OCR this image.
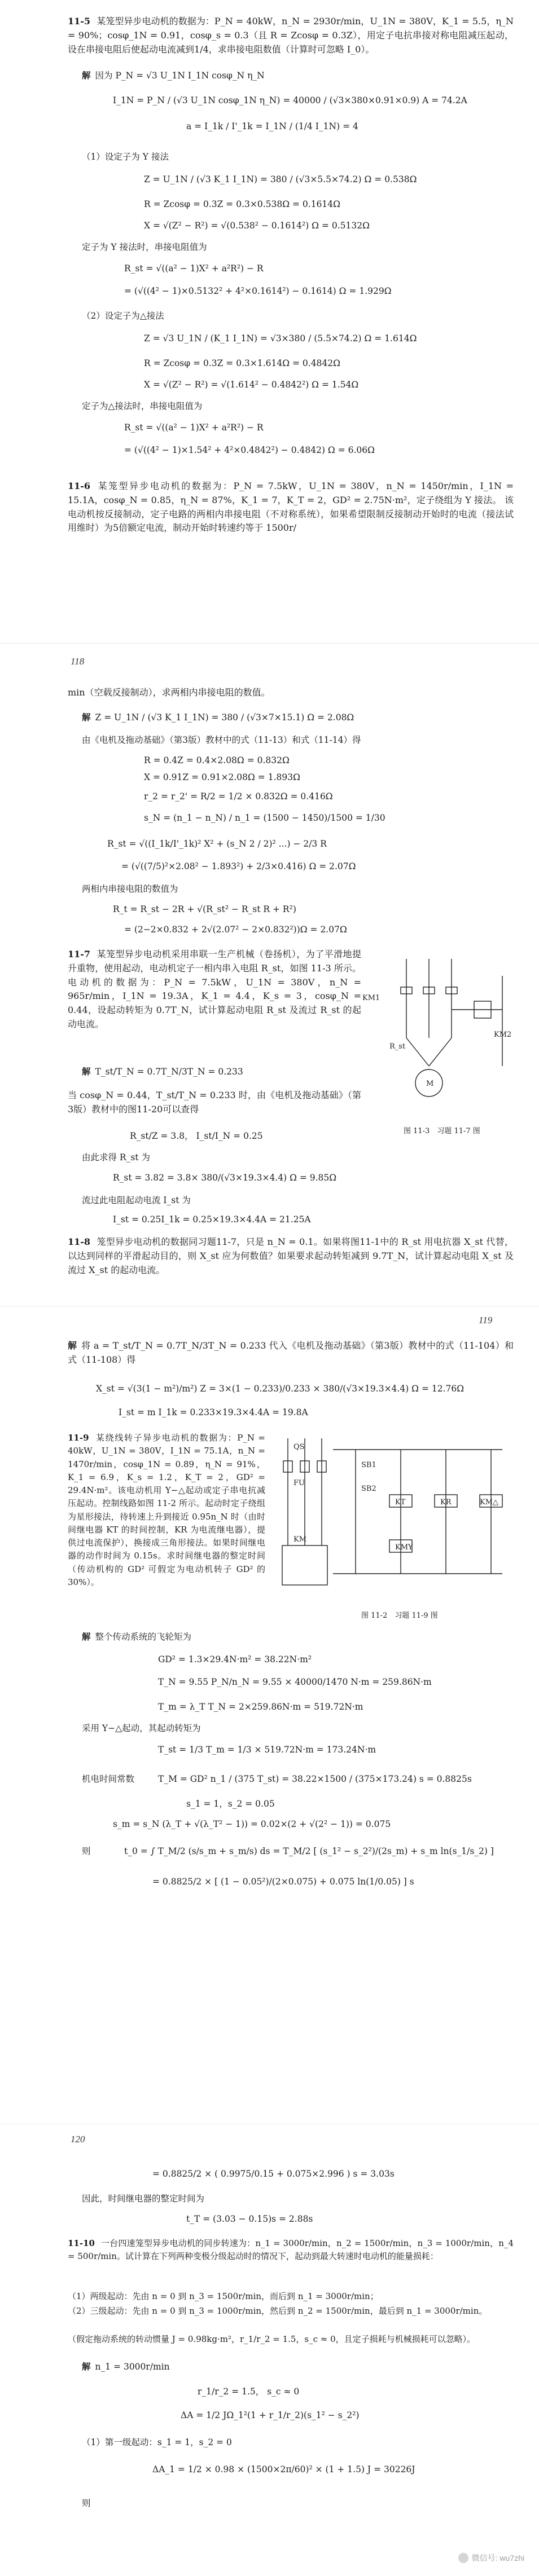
11-5 某笼型异步电动机的数据为：P_N = 40kW，n_N = 2930r/min，U_1N = 380V，K_1 = 5.5，η_N = 90%；cosφ_1N = 0.91，cosφ_s = 0.3（且 R = Zcosφ = 0.3Z），用定子电抗串接对称电阻减压起动，设在串接电阻后使起动电流减到1/4，求串接电阻数值（计算时可忽略 I_0）。
解 因为 P_N = √3 U_1N I_1N cosφ_N η_N
I_1N = P_N / (√3 U_1N cosφ_1N η_N) = 40000 / (√3×380×0.91×0.9) A = 74.2A
a = I_1k / I'_1k = I_1N / (1/4 I_1N) = 4
（1）设定子为 Y 接法
Z = U_1N / (√3 K_1 I_1N) = 380 / (√3×5.5×74.2) Ω = 0.538Ω
R = Zcosφ = 0.3Z = 0.3×0.538Ω = 0.1614Ω
X = √(Z² − R²) = √(0.538² − 0.1614²) Ω = 0.5132Ω
定子为 Y 接法时，串接电阻值为
R_st = √((a² − 1)X² + a²R²) − R
= (√((4² − 1)×0.5132² + 4²×0.1614²) − 0.1614) Ω = 1.929Ω
（2）设定子为△接法
Z = √3 U_1N / (K_1 I_1N) = √3×380 / (5.5×74.2) Ω = 1.614Ω
R = Zcosφ = 0.3Z = 0.3×1.614Ω = 0.4842Ω
X = √(Z² − R²) = √(1.614² − 0.4842²) Ω = 1.54Ω
定子为△接法时，串接电阻值为
R_st = √((a² − 1)X² + a²R²) − R
= (√((4² − 1)×1.54² + 4²×0.4842²) − 0.4842) Ω = 6.06Ω
11-6 某笼型异步电动机的数据为：P_N = 7.5kW，U_1N = 380V，n_N = 1450r/min，I_1N = 15.1A，cosφ_N = 0.85，η_N = 87%，K_1 = 7，K_T = 2，GD² = 2.75N·m²，定子绕组为 Y 接法。 该电动机按反接制动，定子电路的两相内串接电阻（不对称系统），如果希望限制反接制动开始时的电流（接法试用维时）为5倍额定电流，制动开始时转速约等于 1500r/
118
min（空载反接制动），求两相内串接电阻的数值。
解 Z = U_1N / (√3 K_1 I_1N) = 380 / (√3×7×15.1) Ω = 2.08Ω
由《电机及拖动基础》（第3版）教材中的式（11-13）和式（11-14）得
R = 0.4Z = 0.4×2.08Ω = 0.832Ω
X = 0.91Z = 0.91×2.08Ω = 1.893Ω
r_2 = r_2' = R/2 = 1/2 × 0.832Ω = 0.416Ω
s_N = (n_1 − n_N) / n_1 = (1500 − 1450)/1500 = 1/30
R_st = √((I_1k/I'_1k)² X² + (s_N 2 / 2)² ...) − 2/3 R
= (√((7/5)²×2.08² − 1.893²) + 2/3×0.416) Ω = 2.07Ω
两相内串接电阻的数值为
R_t = R_st − 2R + √(R_st² − R_st R + R²)
= (2−2×0.832 + 2√(2.07² − 2×0.832²))Ω = 2.07Ω
11-7 某笼型异步电动机采用串联一生产机械（卷扬机），为了平滑地提升重物，使用起动，电动机定子一相内串入电阻 R_st，如图 11-3 所示。电动机的数据为：P_N = 7.5kW，U_1N = 380V，n_N = 965r/min，I_1N = 19.3A，K_1 = 4.4，K_s = 3，cosφ_N = 0.44，设起动转矩为 0.7T_N，试计算起动电阻 R_st 及流过 R_st 的起动电流。
KM1
KM2
R_st
M
图 11-3　习题 11-7 图
解 T_st/T_N = 0.7T_N/3T_N = 0.233
当 cosφ_N = 0.44，T_st/T_N = 0.233 时，由《电机及拖动基础》（第3版）教材中的图11-20可以查得
R_st/Z = 3.8， I_st/I_N = 0.25
由此求得 R_st 为
R_st = 3.82 = 3.8× 380/(√3×19.3×4.4) Ω = 9.85Ω
流过此电阻起动电流 I_st 为
I_st = 0.25I_1k = 0.25×19.3×4.4A = 21.25A
11-8 笼型异步电动机的数据同习题11-7，只是 n_N = 0.1。如果将图11-1中的 R_st 用电抗器 X_st 代替，以达到同样的平滑起动目的，则 X_st 应为何数值？如果要求起动转矩减到 9.7T_N，试计算起动电阻 X_st 及流过 X_st 的起动电流。
119
解 将 a = T_st/T_N = 0.7T_N/3T_N = 0.233 代入《电机及拖动基础》（第3版）教材中的式（11-104）和式（11-108）得
X_st = √(3(1 − m²)/m²) Z = 3×(1 − 0.233)/0.233 × 380/(√3×19.3×4.4) Ω = 12.76Ω
I_st = m I_1k = 0.233×19.3×4.4A = 19.8A
11-9 某绕线转子异步电动机的数据为：P_N = 40kW，U_1N = 380V，I_1N = 75.1A，n_N = 1470r/min，cosφ_1N = 0.89，η_N = 91%，K_1 = 6.9，K_s = 1.2，K_T = 2，GD² = 29.4N·m²。该电动机用 Y−△起动或定子串电抗减压起动。控制线路如图 11-2 所示。起动时定子绕组为星形接法，待转速上升到接近 0.95n_N 时（由时间继电器 KT 的时间控制，KR 为电流继电器），提供过电流保护），换接成三角形接法。如果时间继电器的动作时间为 0.15s。求时间继电器的整定时间（传动机构的 GD² 可假定为电动机转子 GD² 的30%）。
QS
FU
KM
SB1
SB2
KT	KR	KM△
KMY
图 11-2　习题 11-9 图
解 整个传动系统的飞轮矩为
GD² = 1.3×29.4N·m² = 38.22N·m²
T_N = 9.55 P_N/n_N = 9.55 × 40000/1470 N·m = 259.86N·m
T_m = λ_T T_N = 2×259.86N·m = 519.72N·m
采用 Y−△起动，其起动转矩为
T_st = 1/3 T_m = 1/3 × 519.72N·m = 173.24N·m
机电时间常数	T_M = GD² n_1 / (375 T_st) = 38.22×1500 / (375×173.24) s = 0.8825s
s_1 = 1，s_2 = 0.05
s_m = s_N (λ_T + √(λ_T² − 1)) = 0.02×(2 + √(2² − 1)) = 0.075
则	t_0 = ∫ T_M/2 (s/s_m + s_m/s) ds = T_M/2 [ (s_1² − s_2²)/(2s_m) + s_m ln(s_1/s_2) ]
= 0.8825/2 × [ (1 − 0.05²)/(2×0.075) + 0.075 ln(1/0.05) ] s
120
= 0.8825/2 × ( 0.9975/0.15 + 0.075×2.996 ) s = 3.03s
因此，时间继电器的整定时间为
t_T = (3.03 − 0.15)s = 2.88s
11-10 一台四速笼型异步电动机的同步转速为：n_1 = 3000r/min，n_2 = 1500r/min，n_3 = 1000r/min，n_4 = 500r/min。试计算在下列两种变极分级起动时的情况下，起动到最大转速时电动机的能量损耗：
（1）两级起动：先由 n = 0 到 n_3 = 1500r/min，而后到 n_1 = 3000r/min；
（2）三级起动：先由 n = 0 到 n_3 = 1000r/min，然后到 n_2 = 1500r/min，最后到 n_1 = 3000r/min。
（假定拖动系统的转动惯量 J = 0.98kg·m²，r_1/r_2 = 1.5，s_c ≈ 0，且定子损耗与机械损耗可以忽略）。
解 n_1 = 3000r/min
r_1/r_2 = 1.5， s_c ≈ 0
ΔA = 1/2 JΩ_1²(1 + r_1/r_2)(s_1² − s_2²)
（1）第一级起动：s_1 = 1，s_2 = 0
ΔA_1 = 1/2 × 0.98 × (1500×2π/60)² × (1 + 1.5) J = 30226J
则
微信号: wu7zhi
